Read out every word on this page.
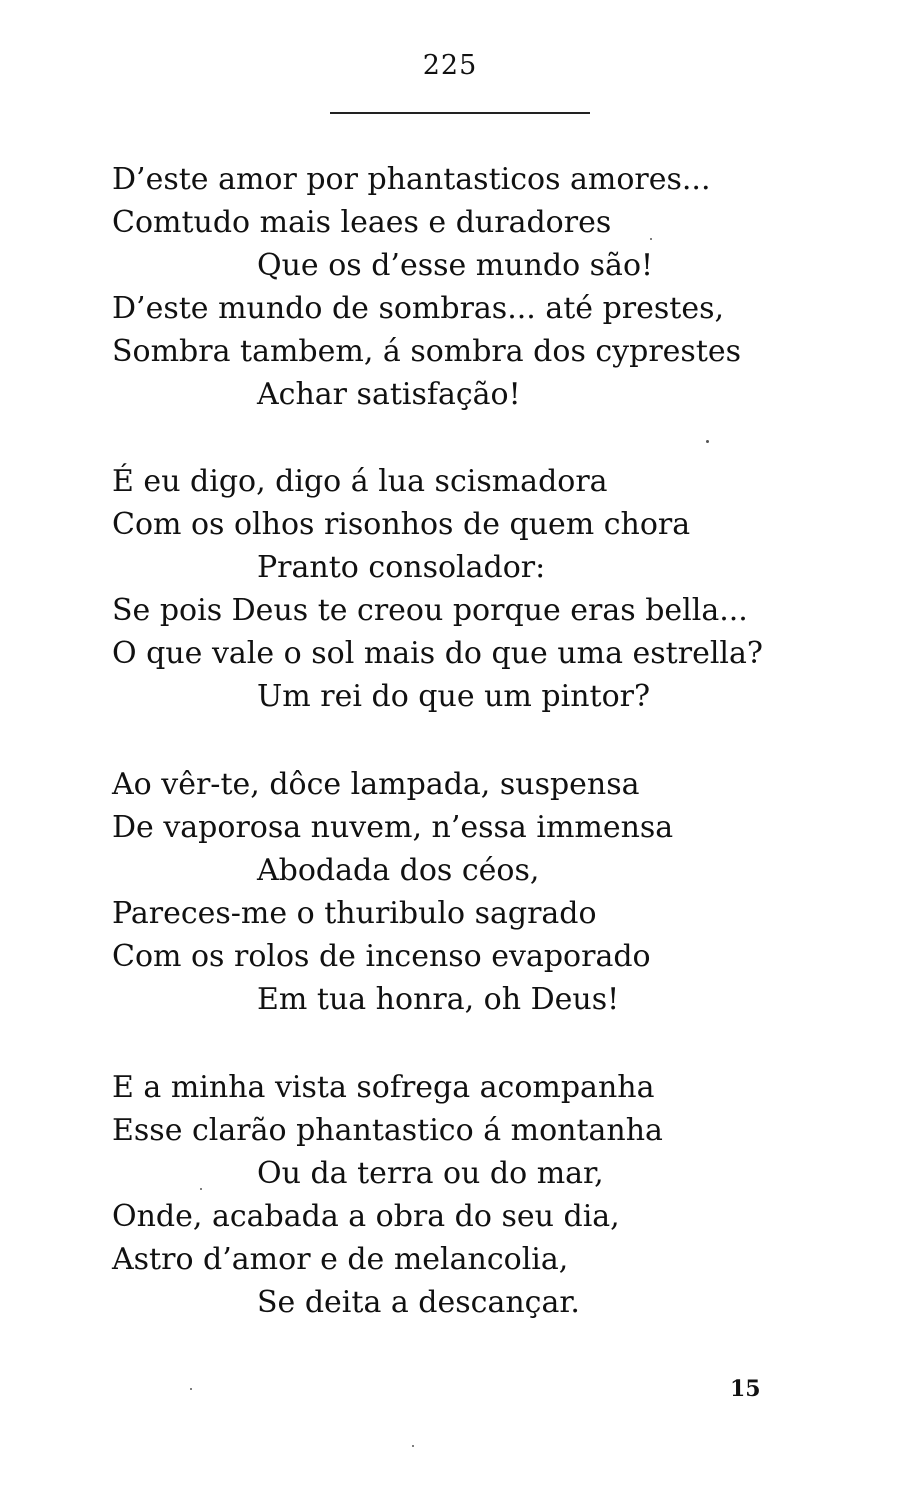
225
D’este amor por phantasticos amores...
Comtudo mais leaes e duradores
Que os d’esse mundo são!
D’este mundo de sombras... até prestes,
Sombra tambem, á sombra dos cyprestes
Achar satisfação!
É eu digo, digo á lua scismadora
Com os olhos risonhos de quem chora
Pranto consolador:
Se pois Deus te creou porque eras bella...
O que vale o sol mais do que uma estrella?
Um rei do que um pintor?
Ao vêr-te, dôce lampada, suspensa
De vaporosa nuvem, n’essa immensa
Abodada dos céos,
Pareces-me o thuribulo sagrado
Com os rolos de incenso evaporado
Em tua honra, oh Deus!
E a minha vista sofrega acompanha
Esse clarão phantastico á montanha
Ou da terra ou do mar,
Onde, acabada a obra do seu dia,
Astro d’amor e de melancolia,
Se deita a descançar.
15
